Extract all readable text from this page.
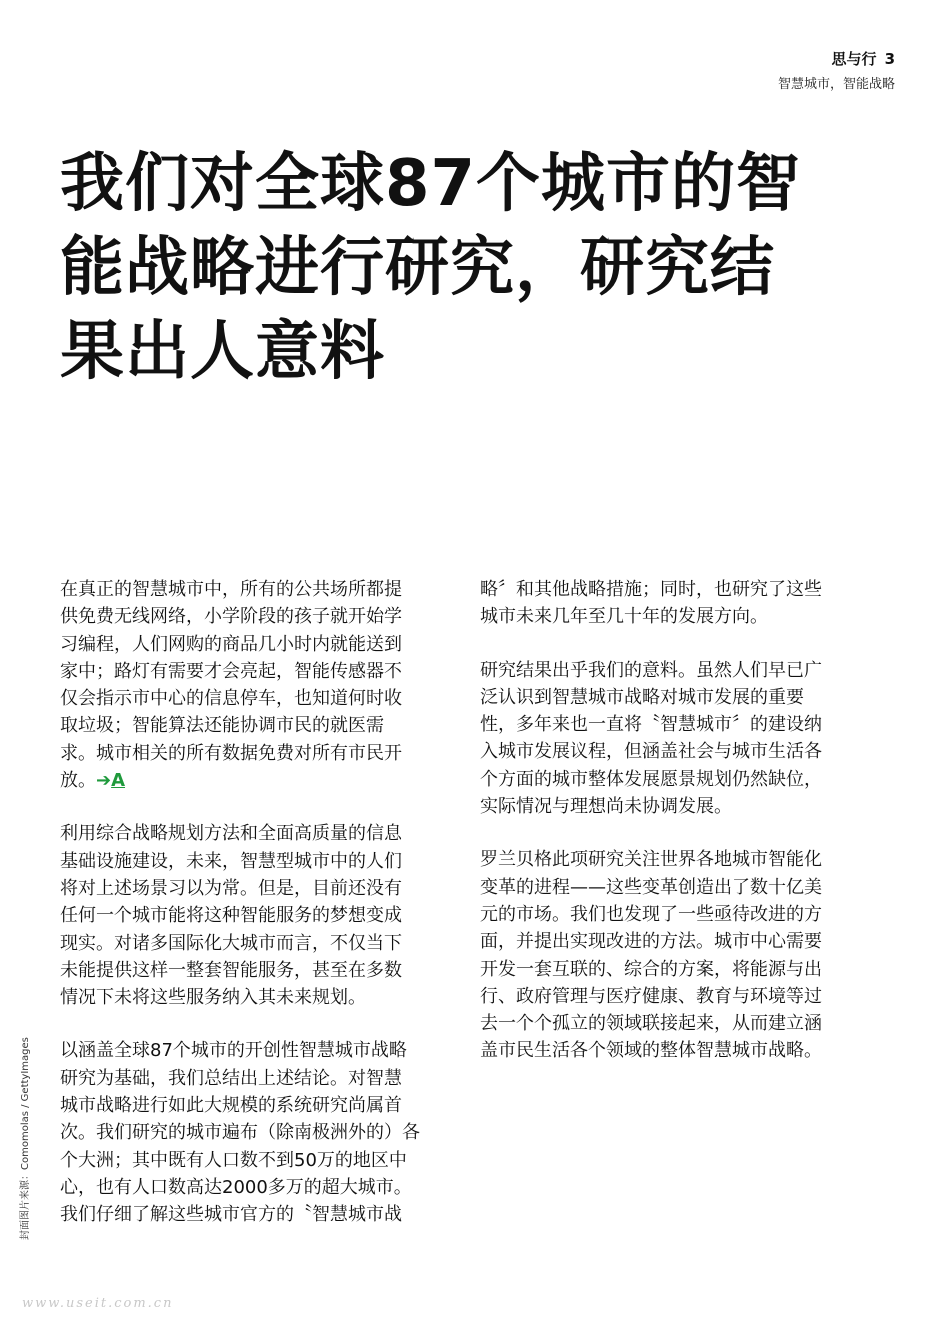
思与行 3
智慧城市，智能战略
我们对全球87个城市的智
能战略进行研究，研究结
果出人意料

在真正的智慧城市中，所有的公共场所都提
供免费无线网络，小学阶段的孩子就开始学
习编程，人们网购的商品几小时内就能送到
家中；路灯有需要才会亮起，智能传感器不
仅会指示市中心的信息停车，也知道何时收
取垃圾；智能算法还能协调市民的就医需
求。城市相关的所有数据免费对所有市民开
放。➔A

利用综合战略规划方法和全面高质量的信息
基础设施建设，未来，智慧型城市中的人们
将对上述场景习以为常。但是，目前还没有
任何一个城市能将这种智能服务的梦想变成
现实。对诸多国际化大城市而言，不仅当下
未能提供这样一整套智能服务，甚至在多数
情况下未将这些服务纳入其未来规划。

以涵盖全球87个城市的开创性智慧城市战略
研究为基础，我们总结出上述结论。对智慧
城市战略进行如此大规模的系统研究尚属首
次。我们研究的城市遍布（除南极洲外的）各
个大洲；其中既有人口数不到50万的地区中
心，也有人口数高达2000多万的超大城市。
我们仔细了解这些城市官方的〝智慧城市战

略〞和其他战略措施；同时，也研究了这些
城市未来几年至几十年的发展方向。

研究结果出乎我们的意料。虽然人们早已广
泛认识到智慧城市战略对城市发展的重要
性，多年来也一直将〝智慧城市〞的建设纳
入城市发展议程，但涵盖社会与城市生活各
个方面的城市整体发展愿景规划仍然缺位，
实际情况与理想尚未协调发展。

罗兰贝格此项研究关注世界各地城市智能化
变革的进程——这些变革创造出了数十亿美
元的市场。我们也发现了一些亟待改进的方
面，并提出实现改进的方法。城市中心需要
开发一套互联的、综合的方案，将能源与出
行、政府管理与医疗健康、教育与环境等过
去一个个孤立的领域联接起来，从而建立涵
盖市民生活各个领域的整体智慧城市战略。

封面图片来源：Comomolas / GettyImages
www.useit.com.cn
